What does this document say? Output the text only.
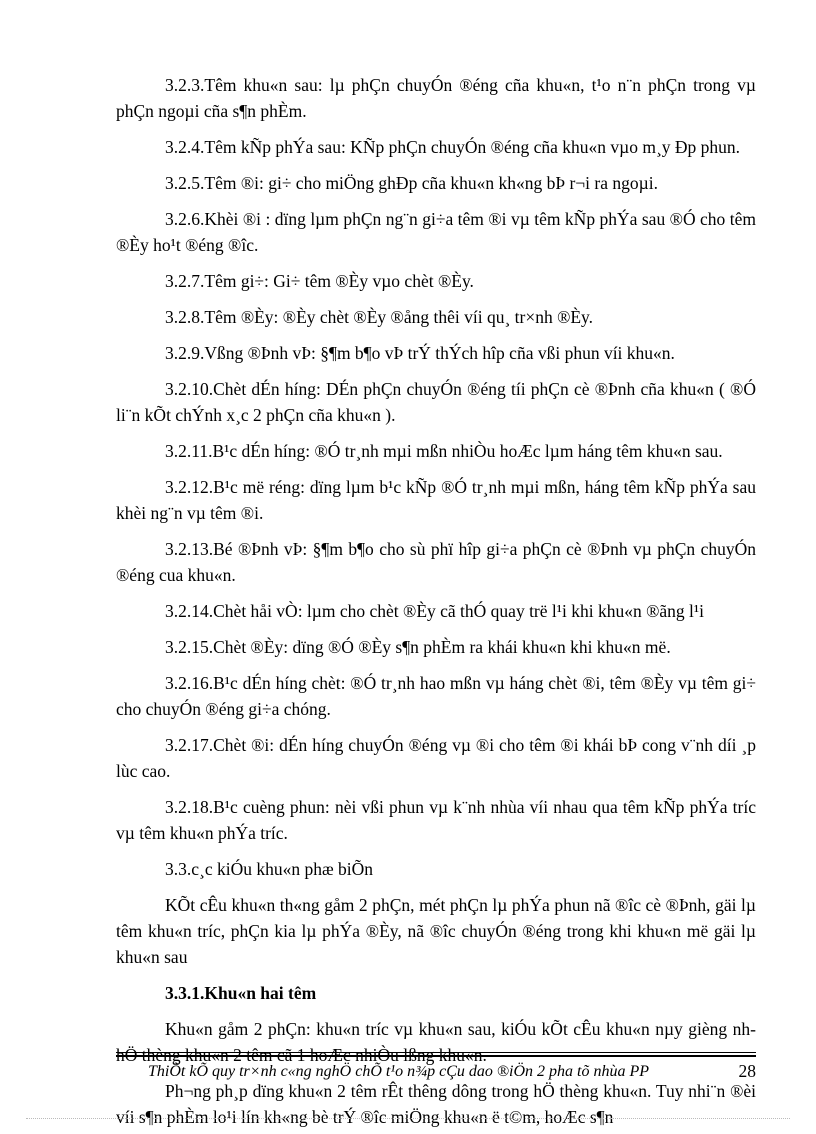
3.2.3.Têm khu«n sau: lµ phÇn chuyÓn ®éng cña khu«n, t¹o n¨n phÇn trong vµ phÇn ngoµi cña s¶n phÈm.

3.2.4.Têm kÑp phÝa sau: KÑp phÇn chuyÓn ®éng cña khu«n vµo m¸y Ðp phun.

3.2.5.Têm ®i: gi÷ cho miÖng ghÐp cña khu«n kh«ng bÞ r¬i ra ngoµi.

3.2.6.Khèi ®i : dïng lµm phÇn ng¨n gi÷a têm ®i vµ têm kÑp phÝa sau ®Ó cho têm ®Èy ho¹t ®éng ®îc.

3.2.7.Têm gi÷: Gi÷ têm ®Èy vµo chèt ®Èy.

3.2.8.Têm ®Èy: ®Èy chèt ®Èy ®ång thêi víi qu¸ tr×nh ®Èy.

3.2.9.Vßng ®Þnh vÞ: §¶m b¶o vÞ trÝ thÝch hîp cña vßi phun víi khu«n.

3.2.10.Chèt dÉn híng: DÉn phÇn chuyÓn ®éng tíi phÇn cè ®Þnh cña khu«n ( ®Ó li¨n kÕt chÝnh x¸c 2 phÇn cña khu«n ).

3.2.11.B¹c dÉn híng: ®Ó tr¸nh mµi mßn nhiÒu hoÆc lµm háng têm khu«n sau.

3.2.12.B¹c më réng: dïng lµm b¹c kÑp ®Ó tr¸nh mµi mßn, háng têm kÑp phÝa sau khèi ng¨n vµ têm ®i.

3.2.13.Bé ®Þnh vÞ: §¶m b¶o cho sù phï hîp gi÷a phÇn cè ®Þnh vµ phÇn chuyÓn ®éng cua khu«n.

3.2.14.Chèt håi vÒ: lµm cho chèt ®Èy cã thÓ quay trë l¹i khi khu«n ®ãng l¹i

3.2.15.Chèt ®Èy: dïng ®Ó ®Èy s¶n phÈm ra khái khu«n khi khu«n më.

3.2.16.B¹c dÉn híng chèt: ®Ó tr¸nh hao mßn vµ háng chèt ®i, têm ®Èy vµ têm gi÷ cho chuyÓn ®éng gi÷a chóng.

3.2.17.Chèt ®i: dÉn híng chuyÓn ®éng vµ ®i cho têm ®i khái bÞ cong v¨nh díi ¸p lùc cao.

3.2.18.B¹c cuèng phun: nèi vßi phun vµ k¨nh nhùa víi nhau qua têm kÑp phÝa tríc vµ têm khu«n phÝa tríc.

3.3.c¸c kiÓu khu«n phæ biÕn

KÕt cÊu khu«n th«ng gåm 2 phÇn, mét phÇn lµ phÝa phun nã ®îc cè ®Þnh, gäi lµ têm khu«n tríc, phÇn kia lµ phÝa ®Èy, nã ®îc chuyÓn ®éng trong khi khu«n më gäi lµ khu«n sau

3.3.1.Khu«n hai têm

Khu«n gåm 2 phÇn: khu«n tríc vµ khu«n sau, kiÓu kÕt cÊu khu«n nµy gièng nh hÖ thèng khu«n 2 têm cã 1 hoÆc nhiÒu lßng khu«n.

Ph¬ng ph¸p dïng khu«n 2 têm rÊt thêng dông trong hÖ thèng khu«n. Tuy nhi¨n ®èi víi s¶n phÈm lo¹i lín kh«ng bè trÝ ®îc miÖng khu«n ë t©m, hoÆc s¶n

ThiÕt kÕ quy tr×nh c«ng nghÖ chÕ t¹o n¾p cÇu dao ®iÖn 2 pha tõ nhùa PP	28
